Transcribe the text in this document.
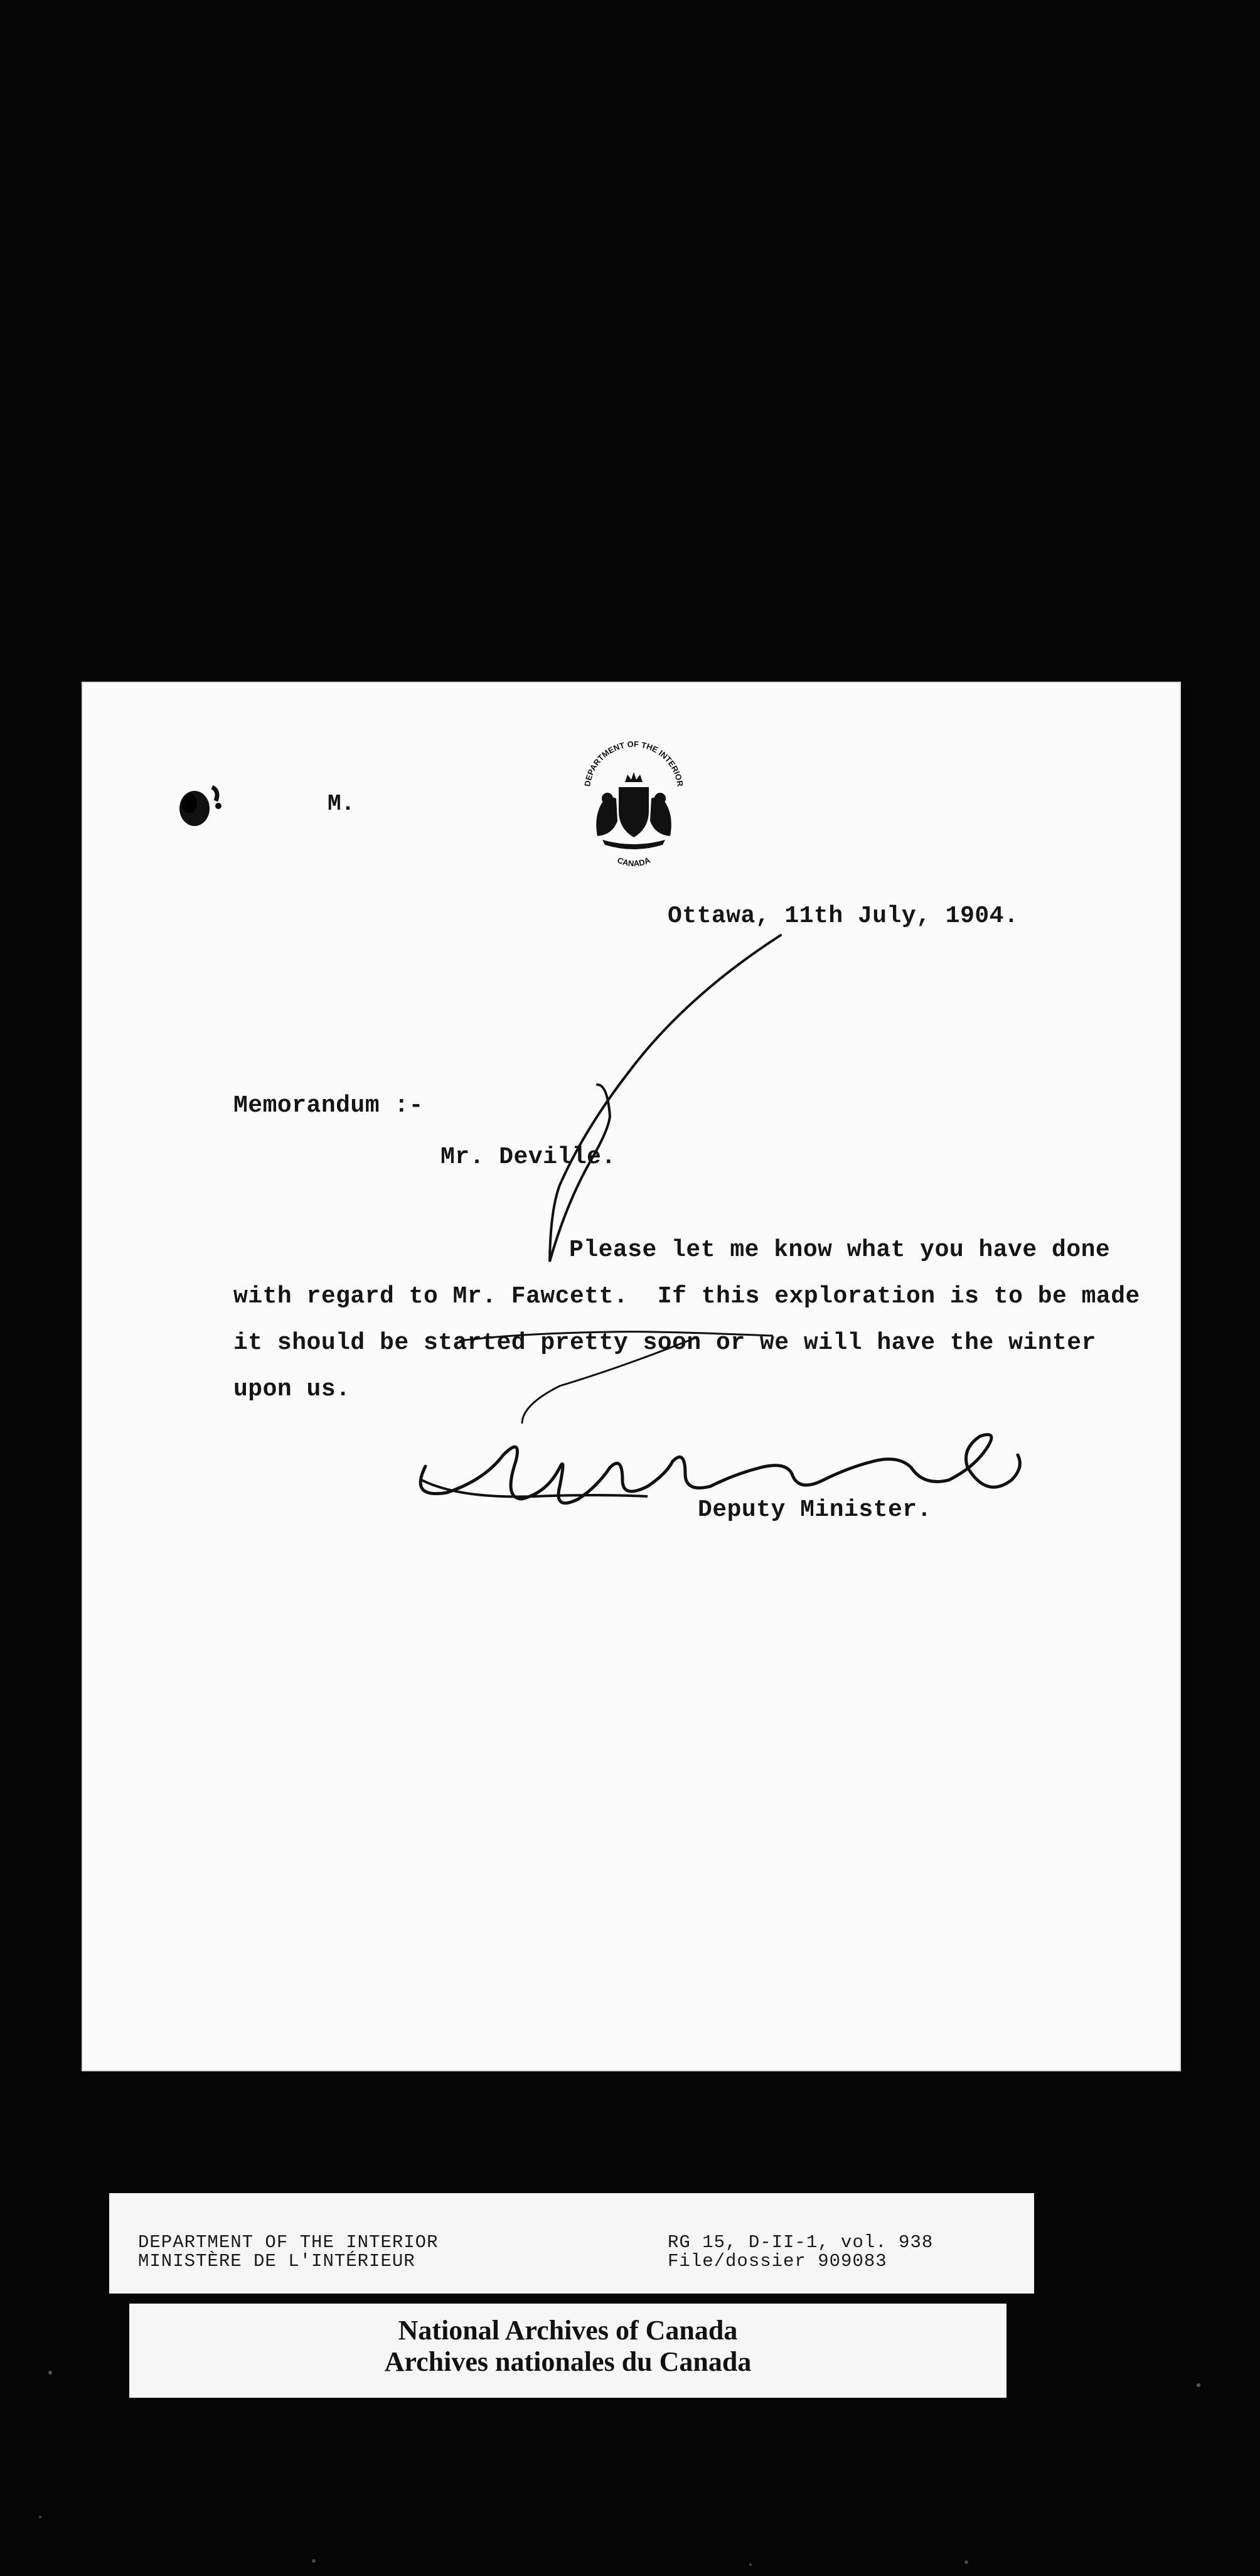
M.
DEPARTMENT OF THE INTERIOR
CANADA
Ottawa, 11th July, 1904.
Memorandum :-
Mr. Deville.
Please let me know what you have done
with regard to Mr. Fawcett.  If this exploration is to be made
it should be started pretty soon or we will have the winter
upon us.
Deputy Minister.
DEPARTMENT OF THE INTERIOR
MINISTÈRE DE L'INTÉRIEUR
RG 15, D-II-1, vol. 938
File/dossier 909083
National Archives of Canada
Archives nationales du Canada
